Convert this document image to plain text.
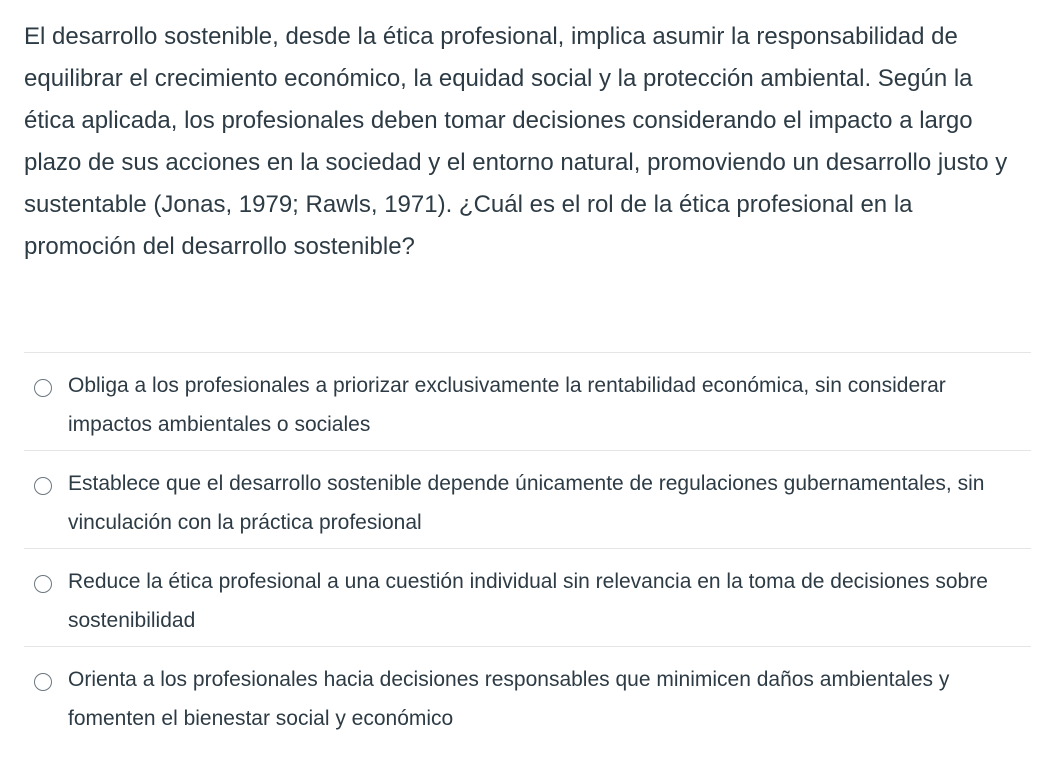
El desarrollo sostenible, desde la ética profesional, implica asumir la responsabilidad de equilibrar el crecimiento económico, la equidad social y la protección ambiental. Según la ética aplicada, los profesionales deben tomar decisiones considerando el impacto a largo plazo de sus acciones en la sociedad y el entorno natural, promoviendo un desarrollo justo y sustentable (Jonas, 1979; Rawls, 1971). ¿Cuál es el rol de la ética profesional en la promoción del desarrollo sostenible?
Obliga a los profesionales a priorizar exclusivamente la rentabilidad económica, sin considerar impactos ambientales o sociales
Establece que el desarrollo sostenible depende únicamente de regulaciones gubernamentales, sin vinculación con la práctica profesional
Reduce la ética profesional a una cuestión individual sin relevancia en la toma de decisiones sobre sostenibilidad
Orienta a los profesionales hacia decisiones responsables que minimicen daños ambientales y fomenten el bienestar social y económico
